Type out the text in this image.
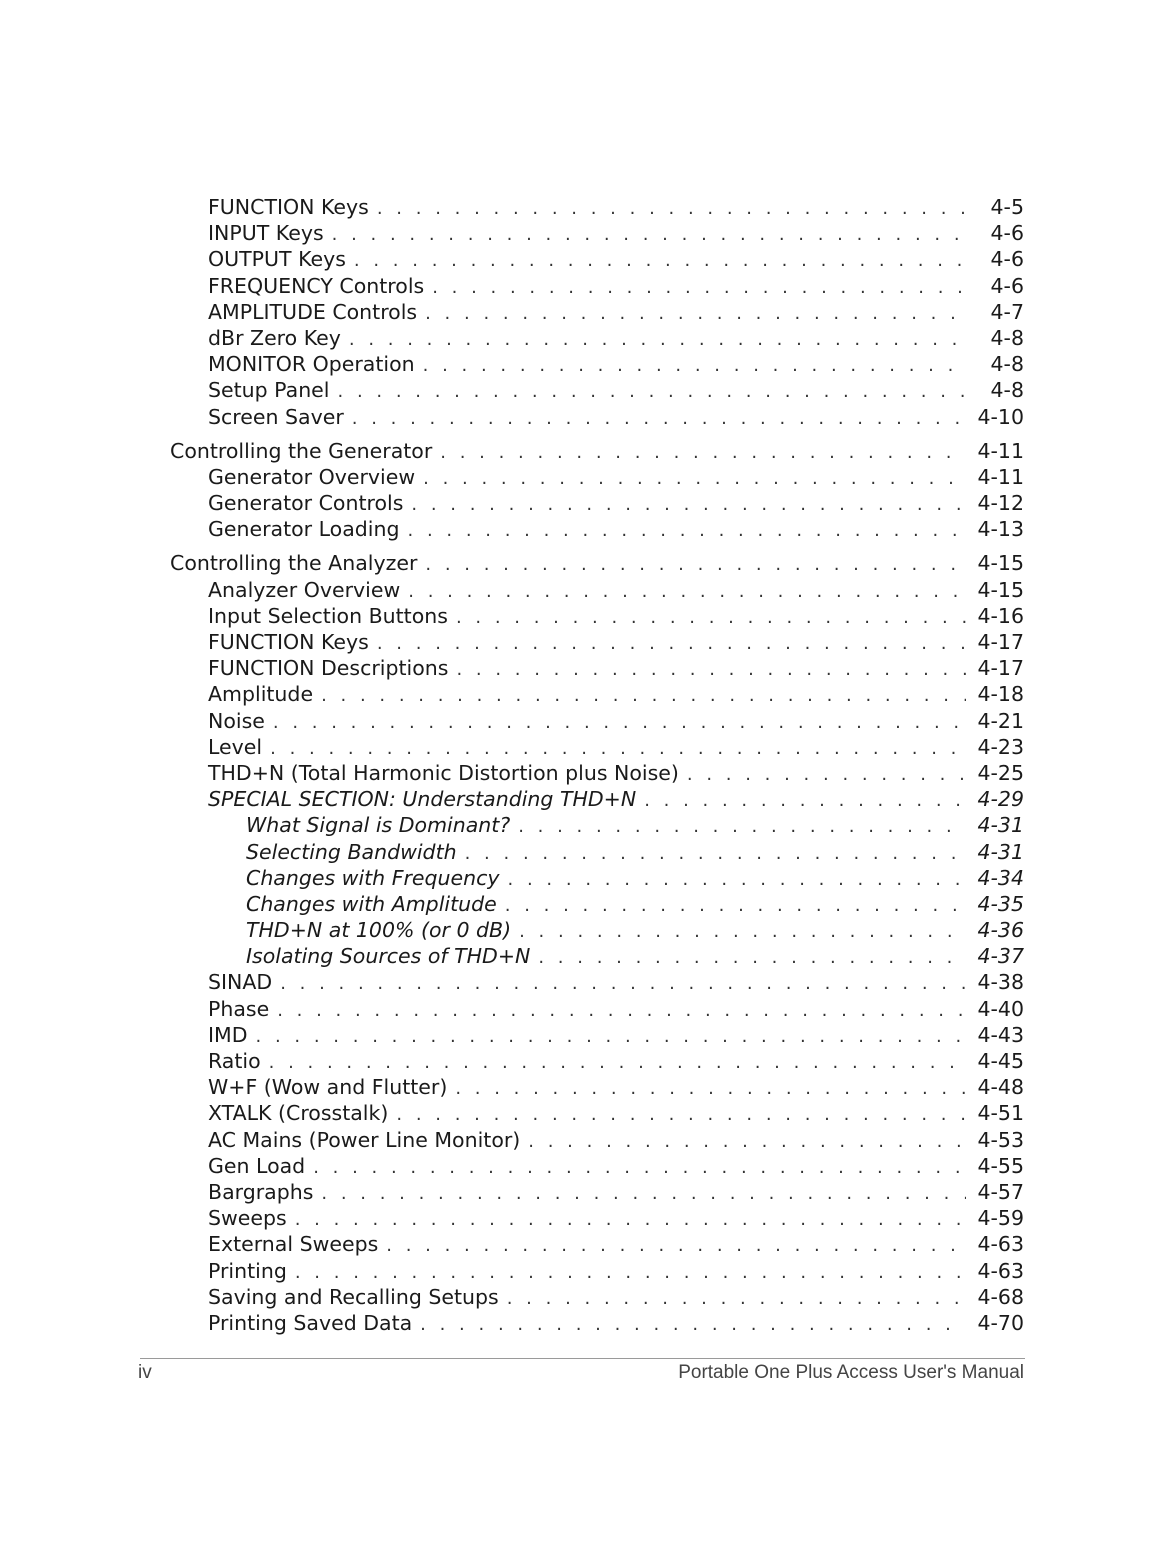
FUNCTION Keys . . .	4-5
INPUT Keys . . .	4-6
OUTPUT Keys . . .	4-6
FREQUENCY Controls . . .	4-6
AMPLITUDE Controls . . .	4-7
dBr Zero Key . . .	4-8
MONITOR Operation . . .	4-8
Setup Panel . . .	4-8
Screen Saver . . .	4-10
Controlling the Generator . . .	4-11
Generator Overview . . .	4-11
Generator Controls . . .	4-12
Generator Loading . . .	4-13
Controlling the Analyzer . . .	4-15
Analyzer Overview . . .	4-15
Input Selection Buttons . . .	4-16
FUNCTION Keys . . .	4-17
FUNCTION Descriptions . . .	4-17
Amplitude . . .	4-18
Noise . . .	4-21
Level . . .	4-23
THD+N (Total Harmonic Distortion plus Noise) . . .	4-25
SPECIAL SECTION: Understanding THD+N . . .	4-29
What Signal is Dominant? . . .	4-31
Selecting Bandwidth . . .	4-31
Changes with Frequency . . .	4-34
Changes with Amplitude . . .	4-35
THD+N at 100% (or 0 dB) . . .	4-36
Isolating Sources of THD+N . . .	4-37
SINAD . . .	4-38
Phase . . .	4-40
IMD . . .	4-43
Ratio . . .	4-45
W+F (Wow and Flutter) . . .	4-48
XTALK (Crosstalk) . . .	4-51
AC Mains (Power Line Monitor) . . .	4-53
Gen Load . . .	4-55
Bargraphs . . .	4-57
Sweeps . . .	4-59
External Sweeps . . .	4-63
Printing . . .	4-63
Saving and Recalling Setups . . .	4-68
Printing Saved Data . . .	4-70
iv	Portable One Plus Access User's Manual
